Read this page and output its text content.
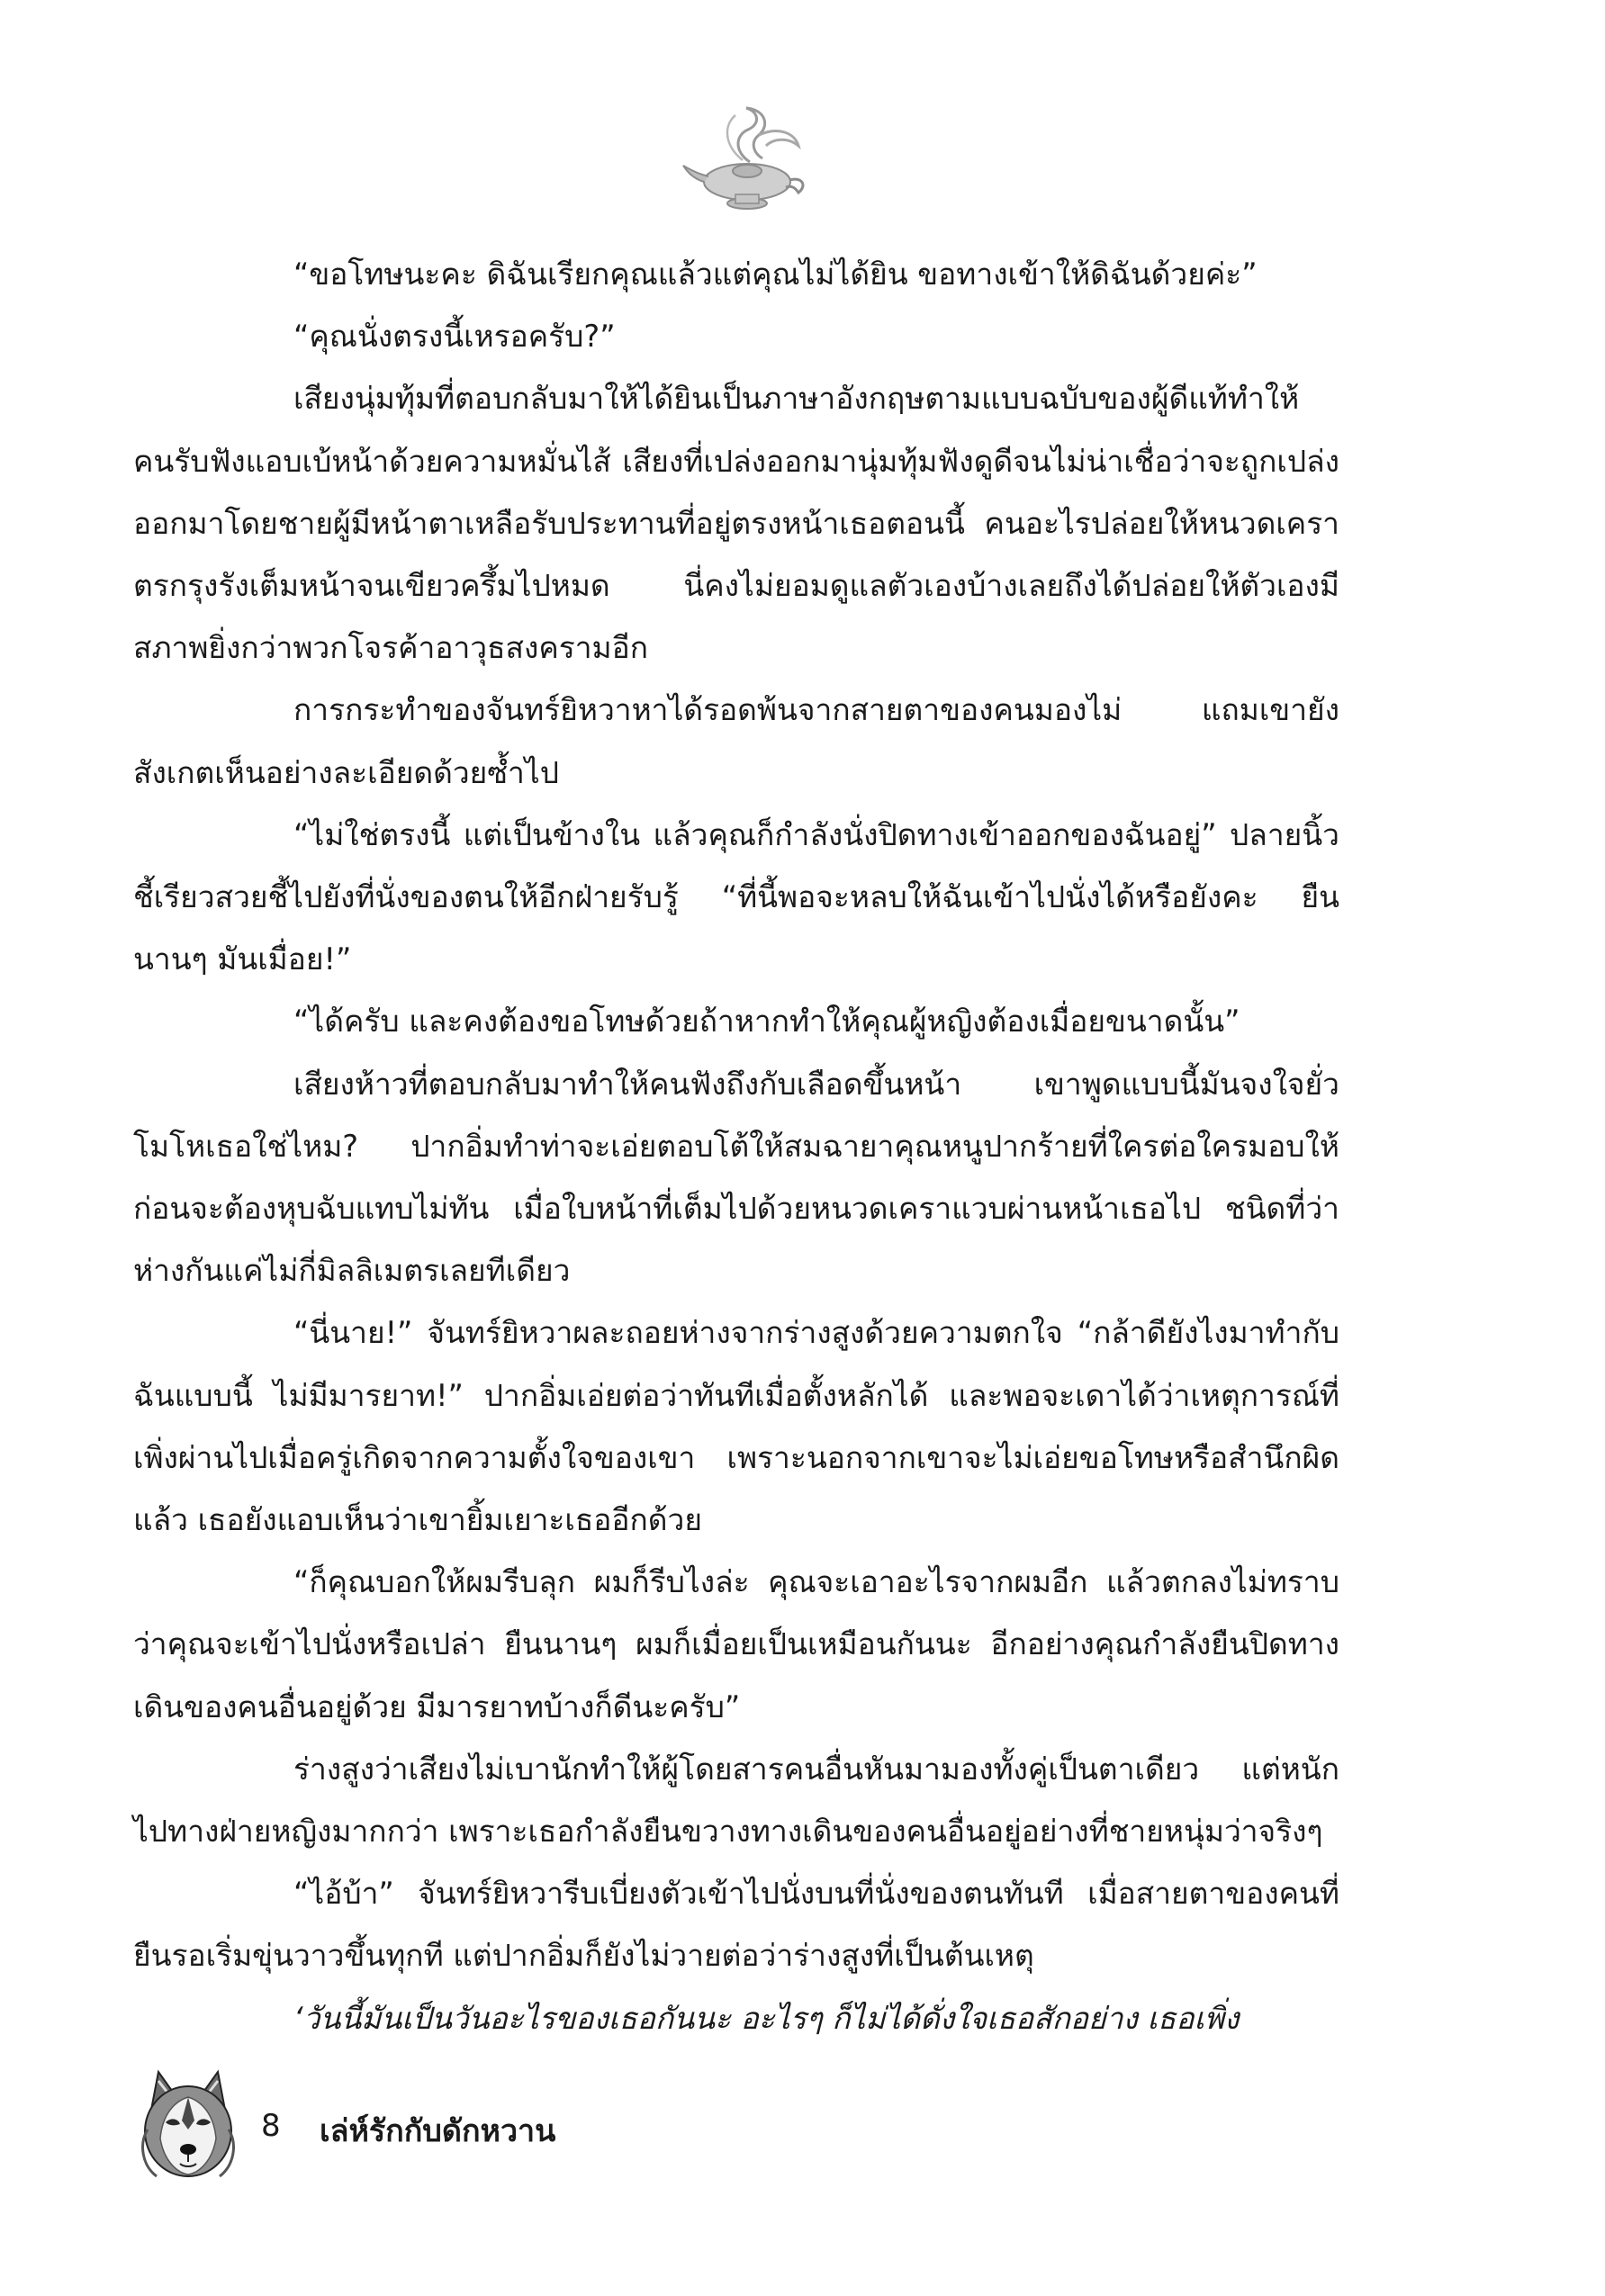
“ขอโทษนะคะ ดิฉันเรียกคุณแล้วแต่คุณไม่ได้ยิน ขอทางเข้าให้ดิฉันด้วยค่ะ”

“คุณนั่งตรงนี้เหรอครับ?”

เสียงนุ่มทุ้มที่ตอบกลับมาให้ได้ยินเป็นภาษาอังกฤษตามแบบฉบับของผู้ดีแท้ทำให้คนรับฟังแอบเบ้หน้าด้วยความหมั่นไส้ เสียงที่เปล่งออกมานุ่มทุ้มฟังดูดีจนไม่น่าเชื่อว่าจะถูกเปล่งออกมาโดยชายผู้มีหน้าตาเหลือรับประทานที่อยู่ตรงหน้าเธอตอนนี้ คนอะไรปล่อยให้หนวดเคราตรกรุงรังเต็มหน้าจนเขียวครึ้มไปหมด นี่คงไม่ยอมดูแลตัวเองบ้างเลยถึงได้ปล่อยให้ตัวเองมีสภาพยิ่งกว่าพวกโจรค้าอาวุธสงครามอีก

การกระทำของจันทร์ยิหวาหาได้รอดพ้นจากสายตาของคนมองไม่ แถมเขายังสังเกตเห็นอย่างละเอียดด้วยซ้ำไป

“ไม่ใช่ตรงนี้ แต่เป็นข้างใน แล้วคุณก็กำลังนั่งปิดทางเข้าออกของฉันอยู่” ปลายนิ้วชี้เรียวสวยชี้ไปยังที่นั่งของตนให้อีกฝ่ายรับรู้ “ที่นี้พอจะหลบให้ฉันเข้าไปนั่งได้หรือยังคะ ยืนนานๆ มันเมื่อย!”

“ได้ครับ และคงต้องขอโทษด้วยถ้าหากทำให้คุณผู้หญิงต้องเมื่อยขนาดนั้น”

เสียงห้าวที่ตอบกลับมาทำให้คนฟังถึงกับเลือดขึ้นหน้า เขาพูดแบบนี้มันจงใจยั่วโมโหเธอใช่ไหม? ปากอิ่มทำท่าจะเอ่ยตอบโต้ให้สมฉายาคุณหนูปากร้ายที่ใครต่อใครมอบให้ ก่อนจะต้องหุบฉับแทบไม่ทัน เมื่อใบหน้าที่เต็มไปด้วยหนวดเคราแวบผ่านหน้าเธอไป ชนิดที่ว่าห่างกันแค่ไม่กี่มิลลิเมตรเลยทีเดียว

“นี่นาย!” จันทร์ยิหวาผละถอยห่างจากร่างสูงด้วยความตกใจ “กล้าดียังไงมาทำกับฉันแบบนี้ ไม่มีมารยาท!” ปากอิ่มเอ่ยต่อว่าทันทีเมื่อตั้งหลักได้ และพอจะเดาได้ว่าเหตุการณ์ที่เพิ่งผ่านไปเมื่อครู่เกิดจากความตั้งใจของเขา เพราะนอกจากเขาจะไม่เอ่ยขอโทษหรือสำนึกผิดแล้ว เธอยังแอบเห็นว่าเขายิ้มเยาะเธออีกด้วย

“ก็คุณบอกให้ผมรีบลุก ผมก็รีบไงล่ะ คุณจะเอาอะไรจากผมอีก แล้วตกลงไม่ทราบว่าคุณจะเข้าไปนั่งหรือเปล่า ยืนนานๆ ผมก็เมื่อยเป็นเหมือนกันนะ อีกอย่างคุณกำลังยืนปิดทางเดินของคนอื่นอยู่ด้วย มีมารยาทบ้างก็ดีนะครับ”

ร่างสูงว่าเสียงไม่เบานักทำให้ผู้โดยสารคนอื่นหันมามองทั้งคู่เป็นตาเดียว แต่หนักไปทางฝ่ายหญิงมากกว่า เพราะเธอกำลังยืนขวางทางเดินของคนอื่นอยู่อย่างที่ชายหนุ่มว่าจริงๆ

“ไอ้บ้า” จันทร์ยิหวารีบเบี่ยงตัวเข้าไปนั่งบนที่นั่งของตนทันที เมื่อสายตาของคนที่ยืนรอเริ่มขุ่นวาวขึ้นทุกที แต่ปากอิ่มก็ยังไม่วายต่อว่าร่างสูงที่เป็นต้นเหตุ

‘วันนี้มันเป็นวันอะไรของเธอกันนะ อะไรๆ ก็ไม่ได้ดั่งใจเธอสักอย่าง เธอเพิ่ง

8 เล่ห์รักกับดักหวาน
